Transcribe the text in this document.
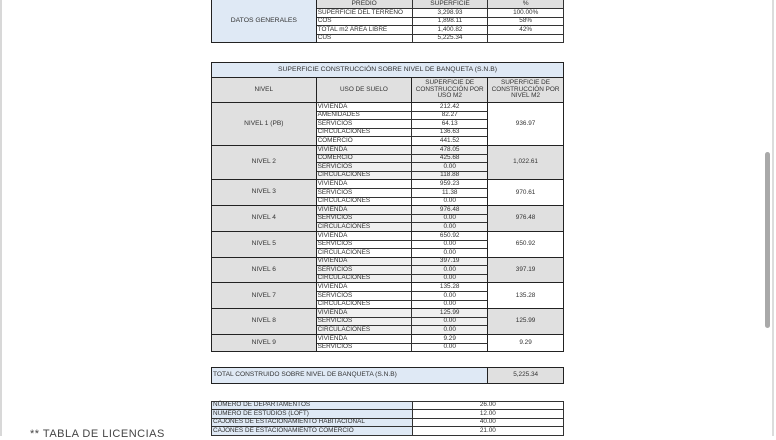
DATOS GENERALES	PREDIO	SUPERFICIE	%
	SUPERFICIE DEL TERRENO	3,298.93	100.00%
	COS	1,898.11	58%
	TOTAL m2 ÁREA LIBRE	1,400.82	42%
	CUS	5,225.34	
SUPERFICIE CONSTRUCCIÓN SOBRE NIVEL DE BANQUETA (S.N.B)			
NIVEL	USO DE SUELO	SUPERFICIE DE CONSTRUCCIÓN POR USO M2	SUPERFICIE DE CONSTRUCCIÓN POR NIVEL M2
NIVEL 1 (PB)	VIVIENDA	212.42	936.97
	AMENIDADES	82.27	
	SERVICIOS	64.13	
	CIRCULACIONES	136.63	
	COMERCIO	441.52	
NIVEL 2	VIVIENDA	478.05	1,022.61
	COMERCIO	425.68	
	SERVICIOS	0.00	
	CIRCULACIONES	118.88	
NIVEL 3	VIVIENDA	959.23	970.61
	SERVICIOS	11.38	
	CIRCULACIONES	0.00	
NIVEL 4	VIVIENDA	976.48	976.48
	SERVICIOS	0.00	
	CIRCULACIONES	0.00	
NIVEL 5	VIVIENDA	650.92	650.92
	SERVICIOS	0.00	
	CIRCULACIONES	0.00	
NIVEL 6	VIVIENDA	397.19	397.19
	SERVICIOS	0.00	
	CIRCULACIONES	0.00	
NIVEL 7	VIVIENDA	135.28	135.28
	SERVICIOS	0.00	
	CIRCULACIONES	0.00	
NIVEL 8	VIVIENDA	125.99	125.99
	SERVICIOS	0.00	
	CIRCULACIONES	0.00	
NIVEL 9	VIVIENDA	9.29	9.29
	SERVICIOS	0.00	
TOTAL CONSTRUIDO SOBRE NIVEL DE BANQUETA (S.N.B)	5,225.34
NÚMERO DE DEPARTAMENTOS	26.00
NÚMERO DE ESTUDIOS (LOFT)	12.00
CAJONES DE ESTACIONAMIENTO HABITACIONAL	40.00
CAJONES DE ESTACIONAMIENTO COMERCIO	21.00
** TABLA DE LICENCIAS
